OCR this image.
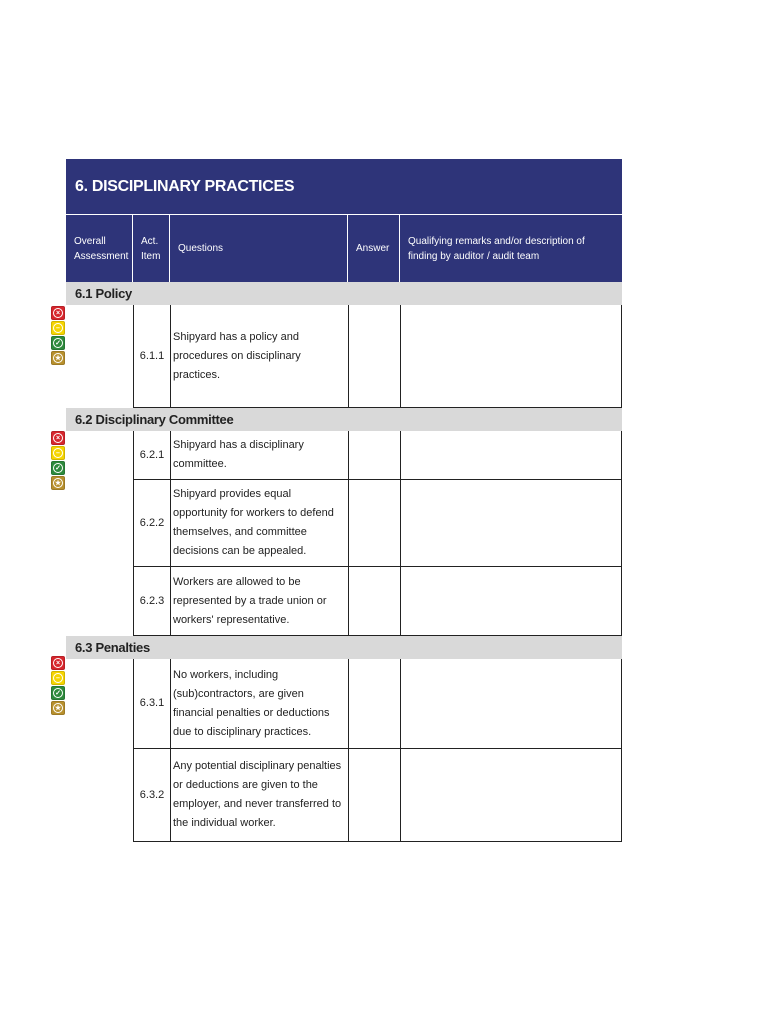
×
–
✓
★
×
–
✓
★
×
–
✓
★
6. DISCIPLINARY PRACTICES
Overall Assessment
Act. Item
Questions	Answer
Qualifying remarks and/or description of finding by auditor / audit team
6.1 Policy
6.1.1
Shipyard has a policy and procedures on disciplinary practices.
6.2 Disciplinary Committee
6.2.1
Shipyard has a disciplinary committee.
6.2.2
Shipyard provides equal opportunity for workers to defend themselves, and committee decisions can be appealed.
6.2.3
Workers are allowed to be represented by a trade union or workers' representative.
6.3 Penalties
6.3.1
No workers, including (sub)contractors, are given financial penalties or deductions due to disciplinary practices.
6.3.2
Any potential disciplinary penalties or deductions are given to the employer, and never transferred to the individual worker.
